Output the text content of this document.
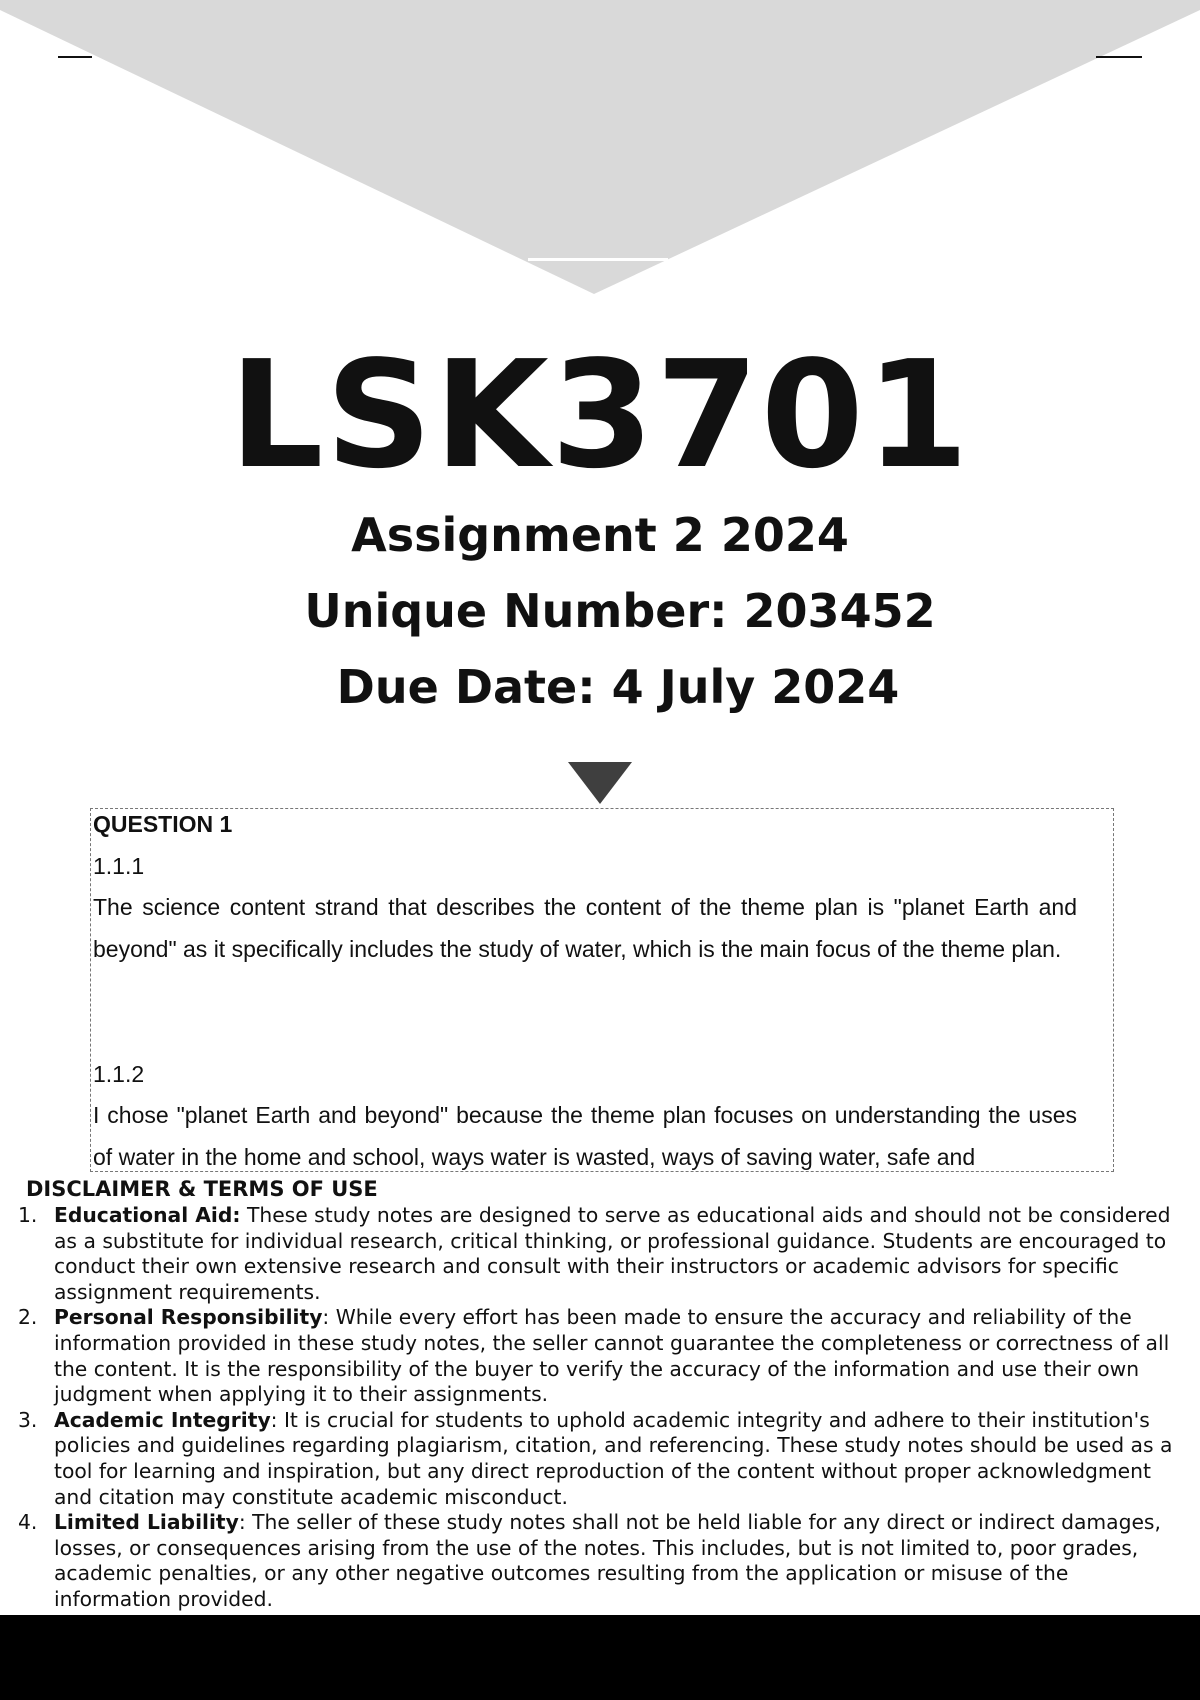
LSK3701
Assignment 2 2024
Unique Number: 203452
Due Date: 4 July 2024
QUESTION 1
1.1.1
The science content strand that describes the content of the theme plan is "planet Earth and beyond" as it specifically includes the study of water, which is the main focus of the theme plan.
1.1.2
I chose "planet Earth and beyond" because the theme plan focuses on understanding the uses of water in the home and school, ways water is wasted, ways of saving water, safe and
DISCLAIMER & TERMS OF USE

1. Educational Aid: These study notes are designed to serve as educational aids and should not be considered as a substitute for individual research, critical thinking, or professional guidance. Students are encouraged to conduct their own extensive research and consult with their instructors or academic advisors for specific assignment requirements.

2. Personal Responsibility: While every effort has been made to ensure the accuracy and reliability of the information provided in these study notes, the seller cannot guarantee the completeness or correctness of all the content. It is the responsibility of the buyer to verify the accuracy of the information and use their own judgment when applying it to their assignments.

3. Academic Integrity: It is crucial for students to uphold academic integrity and adhere to their institution's policies and guidelines regarding plagiarism, citation, and referencing. These study notes should be used as a tool for learning and inspiration, but any direct reproduction of the content without proper acknowledgment and citation may constitute academic misconduct.

4. Limited Liability: The seller of these study notes shall not be held liable for any direct or indirect damages, losses, or consequences arising from the use of the notes. This includes, but is not limited to, poor grades, academic penalties, or any other negative outcomes resulting from the application or misuse of the information provided.
